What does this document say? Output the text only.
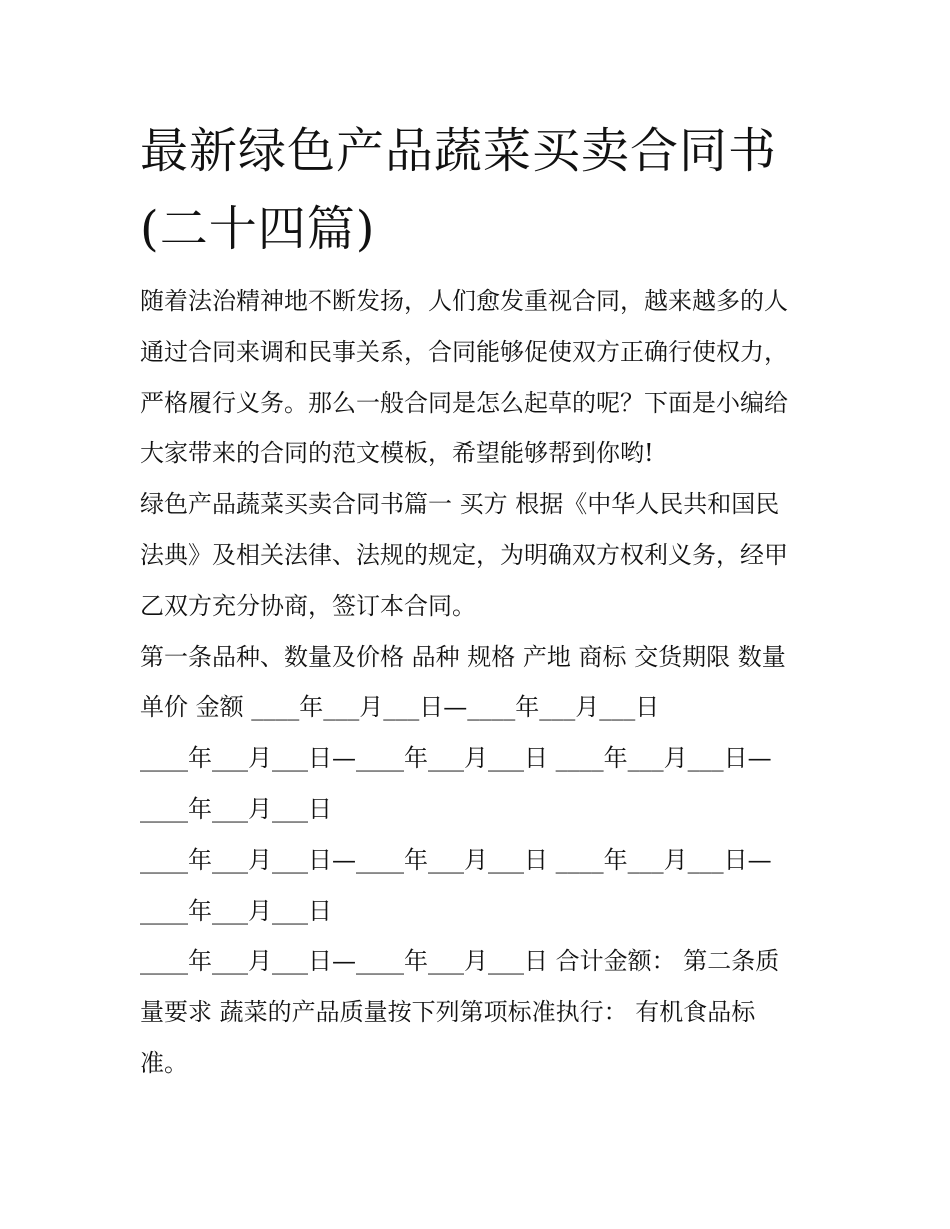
最新绿色产品蔬菜买卖合同书
(二十四篇)
随着法治精神地不断发扬，人们愈发重视合同，越来越多的人
通过合同来调和民事关系，合同能够促使双方正确行使权力，
严格履行义务。那么一般合同是怎么起草的呢？下面是小编给
大家带来的合同的范文模板，希望能够帮到你哟!
绿色产品蔬菜买卖合同书篇一 买方 根据《中华人民共和国民
法典》及相关法律、法规的规定，为明确双方权利义务，经甲
乙双方充分协商，签订本合同。
第一条品种、数量及价格 品种 规格 产地 商标 交货期限 数量
单价 金额 ____年___月___日—____年___月___日
____年___月___日—____年___月___日 ____年___月___日—
____年___月___日
____年___月___日—____年___月___日 ____年___月___日—
____年___月___日
____年___月___日—____年___月___日 合计金额： 第二条质
量要求 蔬菜的产品质量按下列第项标准执行： 有机食品标
准。
